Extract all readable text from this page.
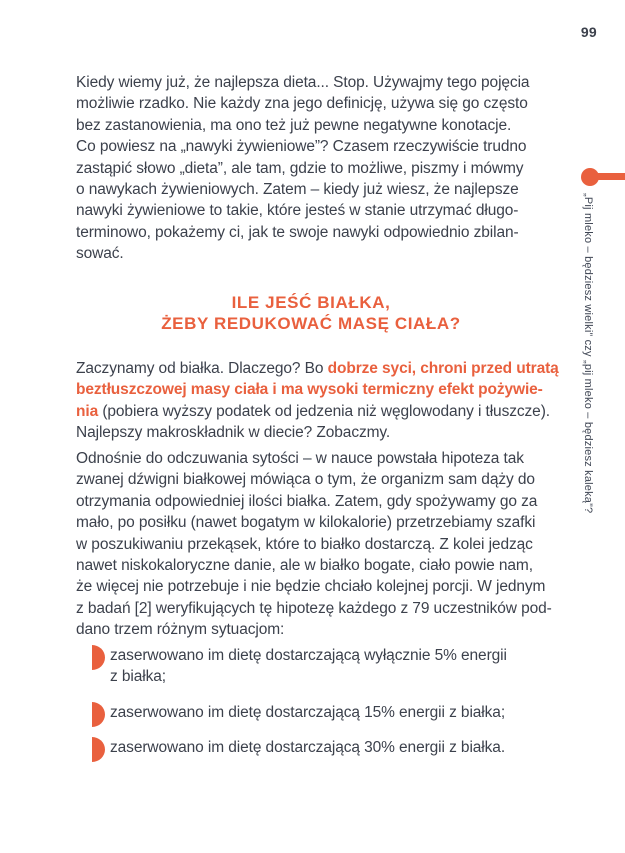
99
„Pij mleko – będziesz wielki” czy „pij mleko – będziesz kaleką”?

Kiedy wiemy już, że najlepsza dieta... Stop. Używajmy tego pojęcia
możliwie rzadko. Nie każdy zna jego definicję, używa się go często
bez zastanowienia, ma ono też już pewne negatywne konotacje.
Co powiesz na „nawyki żywieniowe”? Czasem rzeczywiście trudno
zastąpić słowo „dieta”, ale tam, gdzie to możliwe, piszmy i mówmy
o nawykach żywieniowych. Zatem – kiedy już wiesz, że najlepsze
nawyki żywieniowe to takie, które jesteś w stanie utrzymać długo-
terminowo, pokażemy ci, jak te swoje nawyki odpowiednio zbilan-
sować.

ILE JEŚĆ BIAŁKA,
ŻEBY REDUKOWAĆ MASĘ CIAŁA?

Zaczynamy od białka. Dlaczego? Bo dobrze syci, chroni przed utratą
beztłuszczowej masy ciała i ma wysoki termiczny efekt pożywie-
nia (pobiera wyższy podatek od jedzenia niż węglowodany i tłuszcze).
Najlepszy makroskładnik w diecie? Zobaczmy.

Odnośnie do odczuwania sytości – w nauce powstała hipoteza tak
zwanej dźwigni białkowej mówiąca o tym, że organizm sam dąży do
otrzymania odpowiedniej ilości białka. Zatem, gdy spożywamy go za
mało, po posiłku (nawet bogatym w kilokalorie) przetrzebiamy szafki
w poszukiwaniu przekąsek, które to białko dostarczą. Z kolei jedząc
nawet niskokaloryczne danie, ale w białko bogate, ciało powie nam,
że więcej nie potrzebuje i nie będzie chciało kolejnej porcji. W jednym
z badań [2] weryfikujących tę hipotezę każdego z 79 uczestników pod-
dano trzem różnym sytuacjom:

zaserwowano im dietę dostarczającą wyłącznie 5% energii
z białka;
zaserwowano im dietę dostarczającą 15% energii z białka;
zaserwowano im dietę dostarczającą 30% energii z białka.
